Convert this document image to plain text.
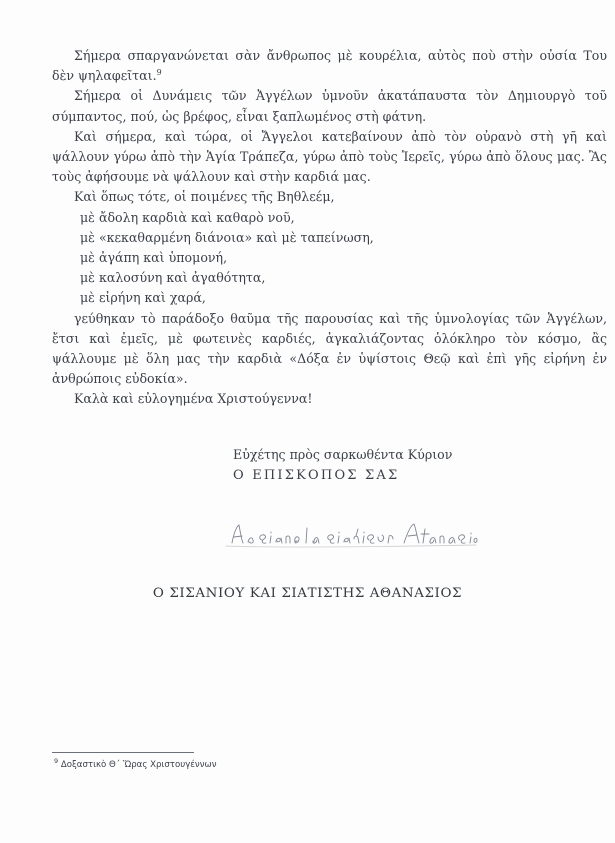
Σήμερα σπαργανώνεται σὰν ἄνθρωπος μὲ κουρέλια, αὐτὸς ποὺ στὴν οὐσία Του δὲν ψηλαφεῖται.$^9$

Σήμερα οἱ Δυνάμεις τῶν Ἀγγέλων ὑμνοῦν ἀκατάπαυστα τὸν Δημιουργὸ τοῦ σύμπαντος, πού, ὡς βρέφος, εἶναι ξαπλωμένος στὴ φάτνη.

Καὶ σήμερα, καὶ τώρα, οἱ Ἄγγελοι κατεβαίνουν ἀπὸ τὸν οὐρανὸ στὴ γῆ καὶ ψάλλουν γύρω ἀπὸ τὴν Ἁγία Τράπεζα, γύρω ἀπὸ τοὺς Ἱερεῖς, γύρω ἀπὸ ὅλους μας. Ἂς τοὺς ἀφήσουμε νὰ ψάλλουν καὶ στὴν καρδιά μας.

Καὶ ὅπως τότε, οἱ ποιμένες τῆς Βηθλεέμ,

μὲ ἄδολη καρδιὰ καὶ καθαρὸ νοῦ,

μὲ «κεκαθαρμένη διάνοια» καὶ μὲ ταπείνωση,

μὲ ἀγάπη καὶ ὑπομονή,

μὲ καλοσύνη καὶ ἀγαθότητα,

μὲ εἰρήνη καὶ χαρά,

γεύθηκαν τὸ παράδοξο θαῦμα τῆς παρουσίας καὶ τῆς ὑμνολογίας τῶν Ἀγγέλων, ἔτσι καὶ ἐμεῖς, μὲ φωτεινὲς καρδιές, ἀγκαλιάζοντας ὁλόκληρο τὸν κόσμο, ἂς ψάλλουμε μὲ ὅλη μας τὴν καρδιὰ «Δόξα ἐν ὑψίστοις Θεῷ καὶ ἐπὶ γῆς εἰρήνη ἐν ἀνθρώποις εὐδοκία».

Καλὰ καὶ εὐλογημένα Χριστούγεννα!

Εὐχέτης πρὸς σαρκωθέντα Κύριον
Ο ΕΠΙΣΚΟΠΟΣ ΣΑΣ
Ο ΣΙΣΑΝΙΟΥ ΚΑΙ ΣΙΑΤΙΣΤΗΣ ΑΘΑΝΑΣΙΟΣ
$^9$ Δοξαστικὸ Θ΄ Ὥρας Χριστουγέννων
